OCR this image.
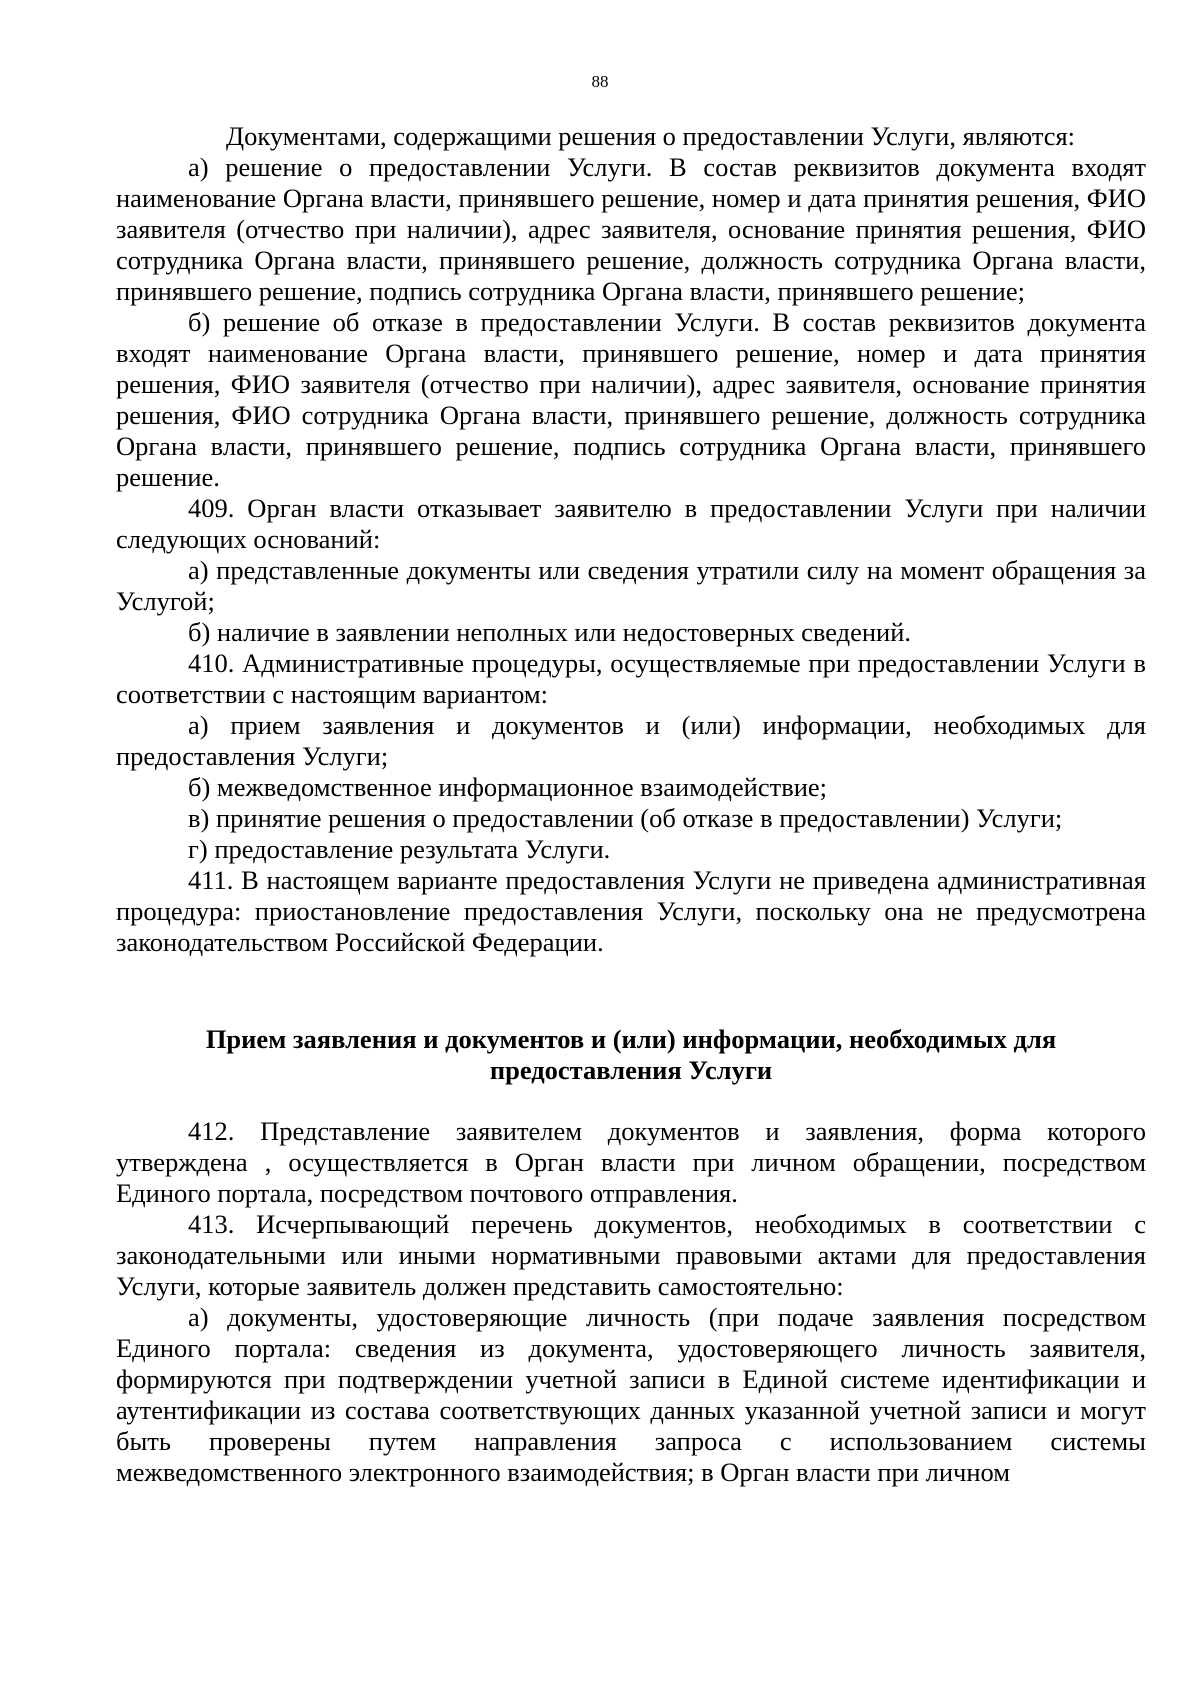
88

Документами, содержащими решения о предоставлении Услуги, являются:

а) решение о предоставлении Услуги. В состав реквизитов документа входят наименование Органа власти, принявшего решение, номер и дата принятия решения, ФИО заявителя (отчество при наличии), адрес заявителя, основание принятия решения, ФИО сотрудника Органа власти, принявшего решение, должность сотрудника Органа власти, принявшего решение, подпись сотрудника Органа власти, принявшего решение;

б) решение об отказе в предоставлении Услуги. В состав реквизитов документа входят наименование Органа власти, принявшего решение, номер и дата принятия решения, ФИО заявителя (отчество при наличии), адрес заявителя, основание принятия решения, ФИО сотрудника Органа власти, принявшего решение, должность сотрудника Органа власти, принявшего решение, подпись сотрудника Органа власти, принявшего решение.

409. Орган власти отказывает заявителю в предоставлении Услуги при наличии следующих оснований:

а) представленные документы или сведения утратили силу на момент обращения за Услугой;

б) наличие в заявлении неполных или недостоверных сведений.

410. Административные процедуры, осуществляемые при предоставлении Услуги в соответствии с настоящим вариантом:

а) прием заявления и документов и (или) информации, необходимых для предоставления Услуги;

б) межведомственное информационное взаимодействие;

в) принятие решения о предоставлении (об отказе в предоставлении) Услуги;

г) предоставление результата Услуги.

411. В настоящем варианте предоставления Услуги не приведена административная процедура: приостановление предоставления Услуги, поскольку она не предусмотрена законодательством Российской Федерации.

Прием заявления и документов и (или) информации, необходимых для
предоставления Услуги

412. Представление заявителем документов и заявления, форма которого утверждена , осуществляется в Орган власти при личном обращении, посредством Единого портала, посредством почтового отправления.

413. Исчерпывающий перечень документов, необходимых в соответствии с законодательными или иными нормативными правовыми актами для предоставления Услуги, которые заявитель должен представить самостоятельно:

а) документы, удостоверяющие личность (при подаче заявления посредством Единого портала: сведения из документа, удостоверяющего личность заявителя, формируются при подтверждении учетной записи в Единой системе идентификации и аутентификации из состава соответствующих данных указанной учетной записи и могут быть проверены путем направления запроса с использованием системы межведомственного электронного взаимодействия; в Орган власти при личном
